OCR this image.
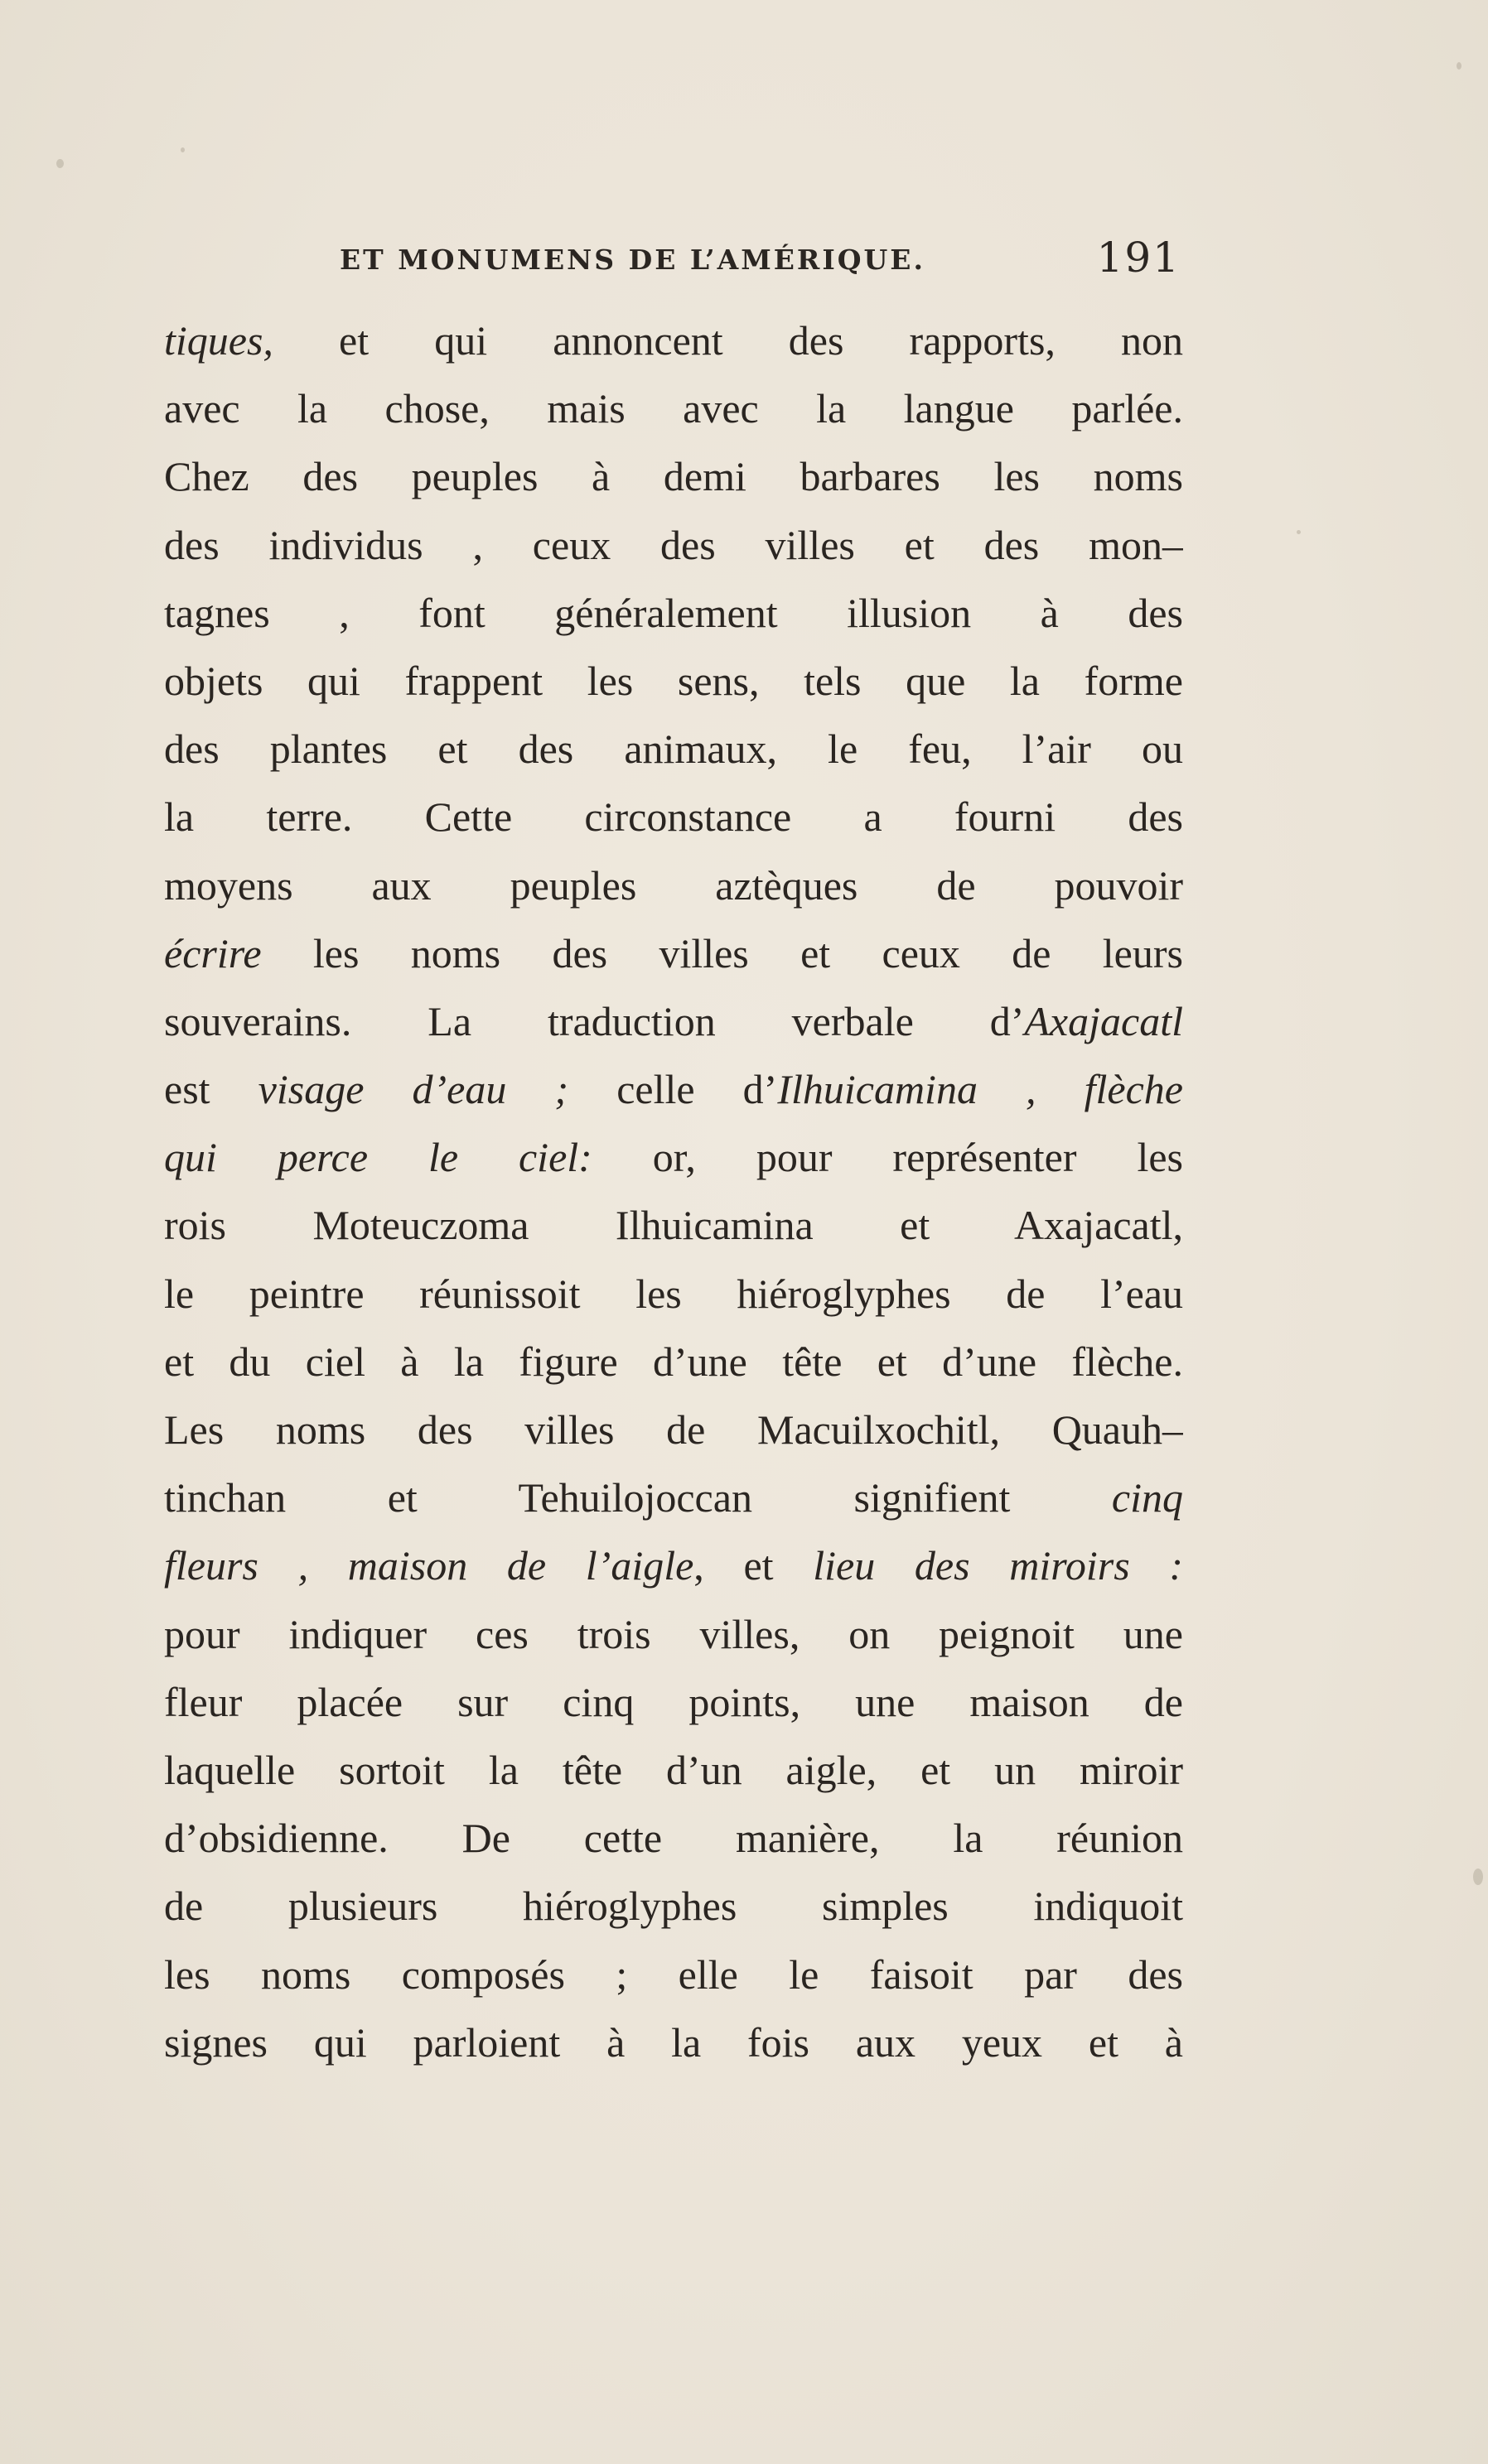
ET MONUMENS DE L’AMÉRIQUE.	191
tiques, et qui annoncent des rapports, non
avec la chose, mais avec la langue parlée.
Chez des peuples à demi barbares les noms
des individus , ceux des villes et des mon–
tagnes , font généralement illusion à des
objets qui frappent les sens, tels que la forme
des plantes et des animaux, le feu, l’air ou
la terre. Cette circonstance a fourni des
moyens aux peuples aztèques de pouvoir
écrire les noms des villes et ceux de leurs
souverains. La traduction verbale d’Axajacatl
est visage d’eau ; celle d’Ilhuicamina , flèche
qui perce le ciel: or, pour représenter les
rois Moteuczoma Ilhuicamina et Axajacatl,
le peintre réunissoit les hiéroglyphes de l’eau
et du ciel à la figure d’une tête et d’une flèche.
Les noms des villes de Macuilxochitl, Quauh–
tinchan et Tehuilojoccan signifient cinq
fleurs , maison de l’aigle, et lieu des miroirs :
pour indiquer ces trois villes, on peignoit une
fleur placée sur cinq points, une maison de
laquelle sortoit la tête d’un aigle, et un miroir
d’obsidienne. De cette manière, la réunion
de plusieurs hiéroglyphes simples indiquoit
les noms composés ; elle le faisoit par des
signes qui parloient à la fois aux yeux et à
